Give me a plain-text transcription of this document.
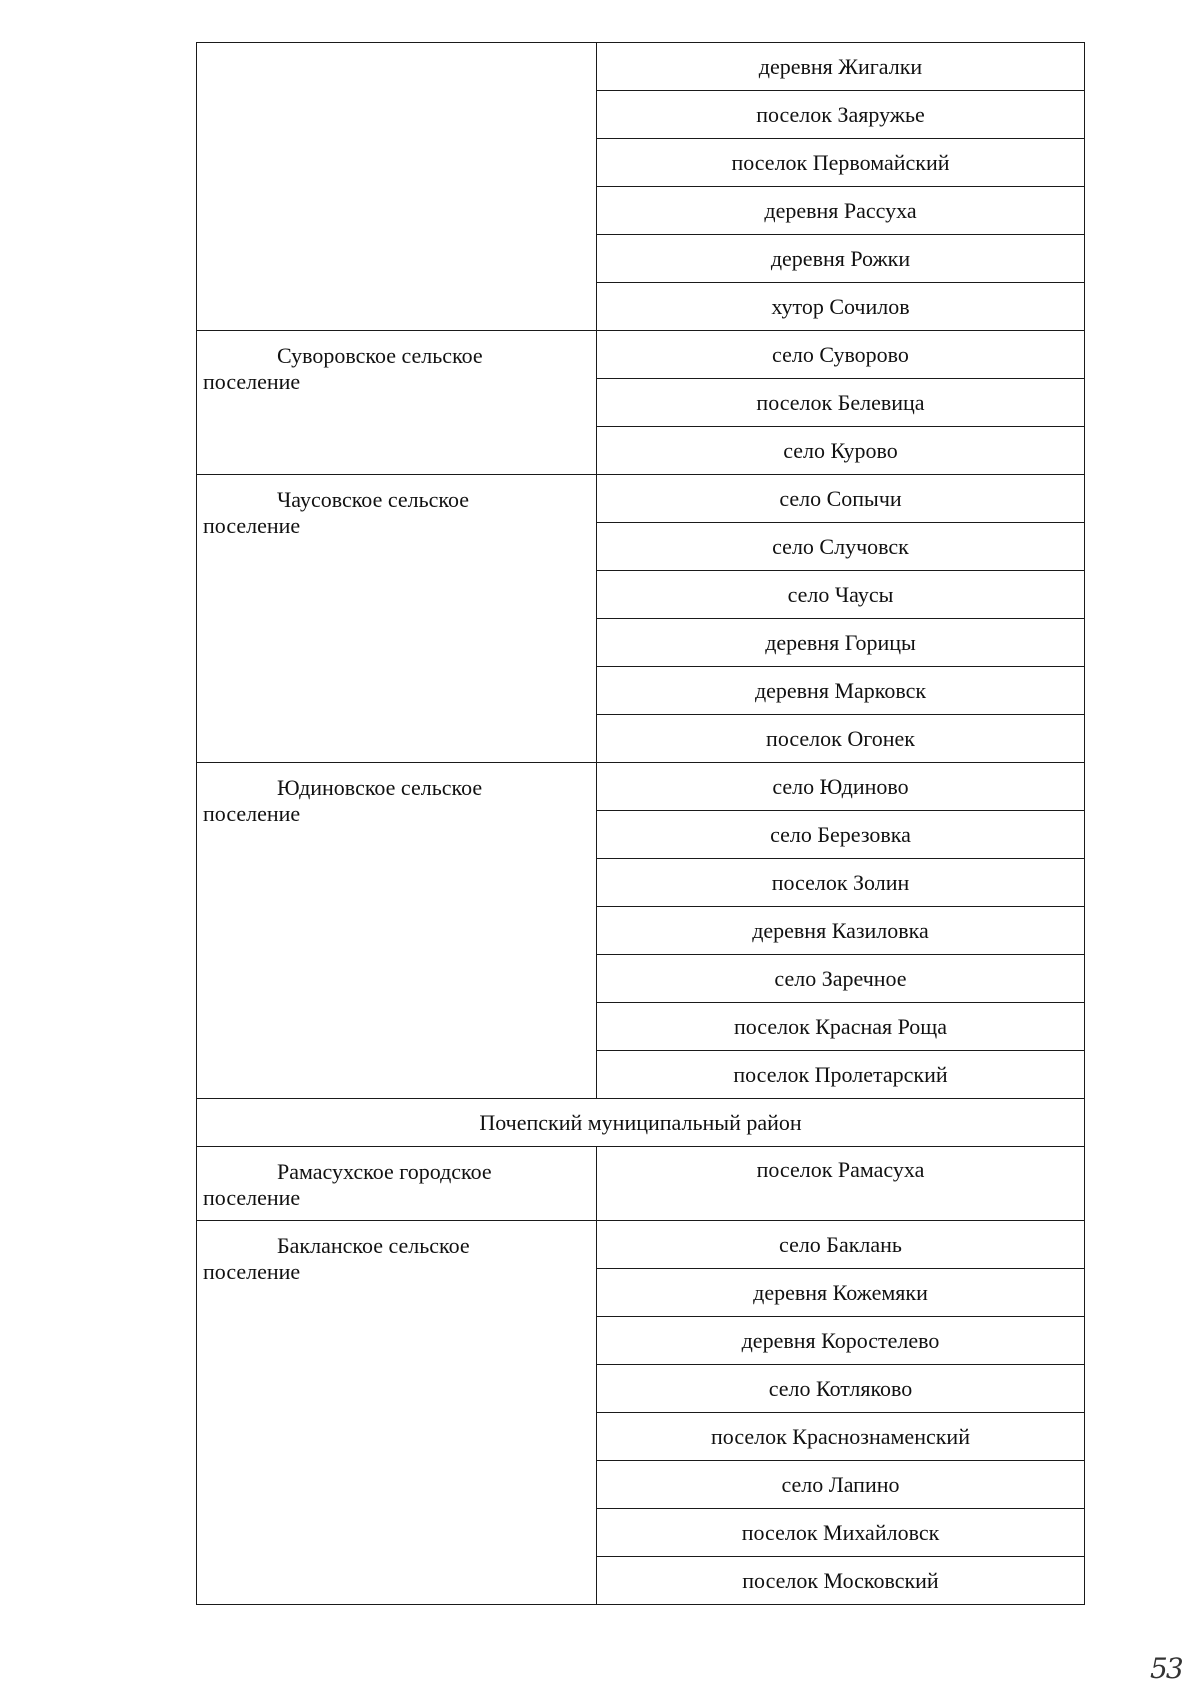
	деревня Жигалки
	поселок Заяружье
	поселок Первомайский
	деревня Рассуха
	деревня Рожки
	хутор Сочилов
Суворовское сельское
поселение	село Суворово
	поселок Белевица
	село Курово
Чаусовское сельское
поселение	село Сопычи
	село Случовск
	село Чаусы
	деревня Горицы
	деревня Марковск
	поселок Огонек
Юдиновское сельское
поселение	село Юдиново
	село Березовка
	поселок Золин
	деревня Казиловка
	село Заречное
	поселок Красная Роща
	поселок Пролетарский
Почепский муниципальный район	
Рамасухское городское
поселение	поселок Рамасуха
Бакланское сельское
поселение	село Баклань
	деревня Кожемяки
	деревня Коростелево
	село Котляково
	поселок Краснознаменский
	село Лапино
	поселок Михайловск
	поселок Московский
53
